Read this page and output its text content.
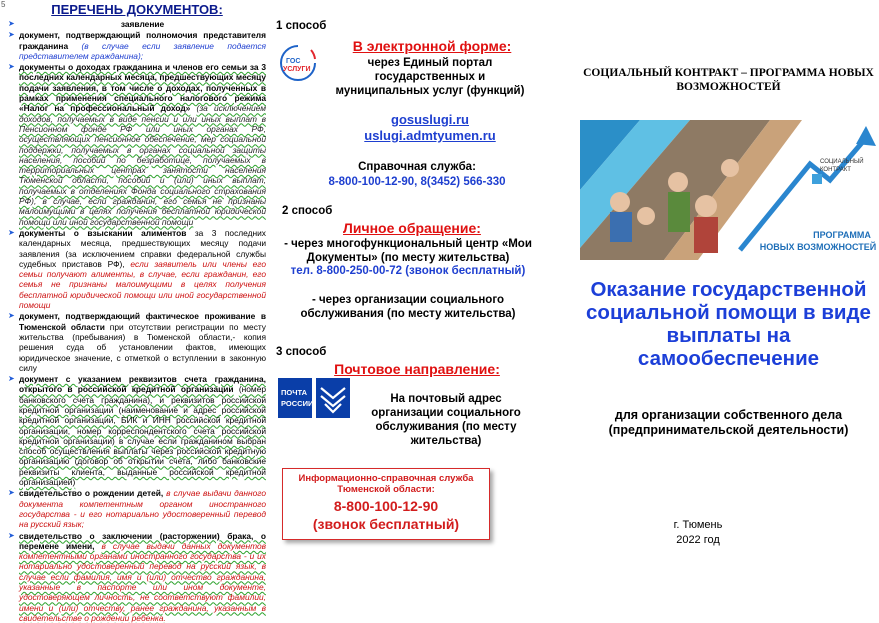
5	ПЕРЕЧЕНЬ ДОКУМЕНТОВ:
➤	заявление
➤ документ, подтверждающий полномочия представителя гражданина (в случае если заявление подается представителем гражданина);
➤ документы о доходах гражданина и членов его семьи за 3 последних календарных месяца, предшествующих месяцу подачи заявления, в том числе о доходах, полученных в рамках применения специального налогового режима «Налог на профессиональный доход» (за исключением доходов, получаемых в виде пенсии и или иных выплат в Пенсионном фонде РФ или иных органах РФ, осуществляющих пенсионное обеспечение, мер социальной поддержки, получаемых в органах социальной защиты населения, пособий по безработице, получаемых в территориальных центрах занятости населения Тюменской области, пособий и (или) иных выплат, получаемых в отделениях Фонда социального страхования РФ), в случае, если гражданин, его семья не признаны малоимущими в целях получения бесплатной юридической помощи или иной государственной помощи
➤ документы о взыскании алиментов за 3 последних календарных месяца, предшествующих месяцу подачи заявления (за исключением справки федеральной службы судебных приставов РФ), если заявитель или члены его семьи получают алименты, в случае, если гражданин, его семья не признаны малоимущими в целях получения бесплатной юридической помощи или иной государственной помощи
➤ документ, подтверждающий фактическое проживание в Тюменской области при отсутствии регистрации по месту жительства (пребывания) в Тюменской области,- копия решения суда об установлении фактов, имеющих юридическое значение, с отметкой о вступлении в законную силу
➤ документ с указанием реквизитов счета гражданина, открытого в российской кредитной организации (номер банковского счета гражданина), и реквизитов российской кредитной организации (наименование и адрес российской кредитной организации, БИК и ИНН российской кредитной организации, номер корреспондентского счета российской кредитной организации) в случае если гражданином выбран способ осуществления выплаты через российской кредитную организацию (договор об открытии счета, либо банковские реквизиты клиента, выданные российской кредитной организацией)
➤ свидетельство о рождении детей, в случае выдачи данного документа компетентным органом иностранного государства - и его нотариально удостоверенный перевод на русский язык;
➤ свидетельство о заключении (расторжении) брака, о перемене имени, в случае выдачи данных документов компетентными органами иностранного государства - и их нотариально удостоверенный перевод на русский язык, в случае если фамилия, имя и (или) отчество гражданина, указанные в паспорте или ином документе, удостоверяющем личность, не соответствуют фамилии, имени и (или) отчеству, ранее гражданина, указанным в свидетельстве о рождении ребенка.
1 способ
ГОС
УСЛУГИ
В электронной форме:
через Единый портал государственных и муниципальных услуг (функций)
gosuslugi.ru
uslugi.admtyumen.ru
Справочная служба:
8-800-100-12-90, 8(3452) 566-330
2 способ
Личное обращение:
- через многофункциональный центр «Мои Документы» (по месту жительства)
тел. 8-800-250-00-72 (звонок бесплатный)
- через организации социального обслуживания (по месту жительства)
3 способ
Почтовое направление:
ПОЧТА
РОССИИ	На почтовый адрес организации социального обслуживания (по месту жительства)
Информационно-справочная служба Тюменской области:
8-800-100-12-90
(звонок бесплатный)
СОЦИАЛЬНЫЙ КОНТРАКТ – ПРОГРАММА НОВЫХ ВОЗМОЖНОСТЕЙ
СОЦИАЛЬНЫЙ
КОНТРАКТ
ПРОГРАММА
НОВЫХ ВОЗМОЖНОСТЕЙ
Оказание государственной социальной помощи в виде выплаты на самообеспечение
для организации собственного дела (предпринимательской деятельности)
г. Тюмень
2022 год
